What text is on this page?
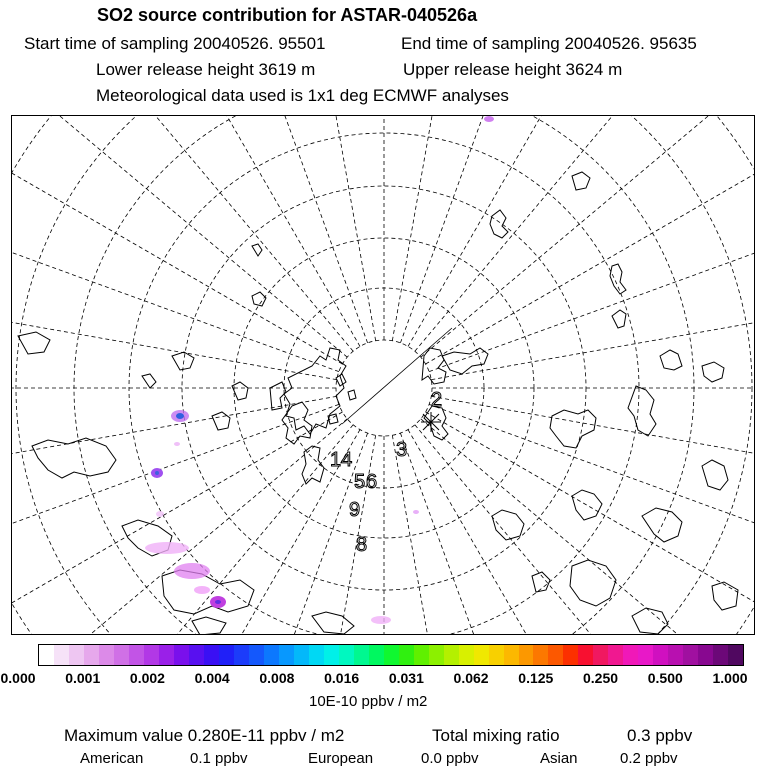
SO2 source contribution for ASTAR-040526a
Start time of sampling 20040526. 95501	End time of sampling 20040526. 95635
Lower release height 3619 m	Upper release height 3624 m
Meteorological data used is 1x1 deg ECMWF analyses
14 3
2
5 6
9
8
0.000 0.001 0.002 0.004 0.008 0.016 0.031 0.062 0.125 0.250 0.500 1.000
10E-10 ppbv / m2
Maximum value 0.280E-11 ppbv / m2	Total mixing ratio	0.3 ppbv
American	0.1 ppbv	European	0.0 ppbv	Asian	0.2 ppbv
